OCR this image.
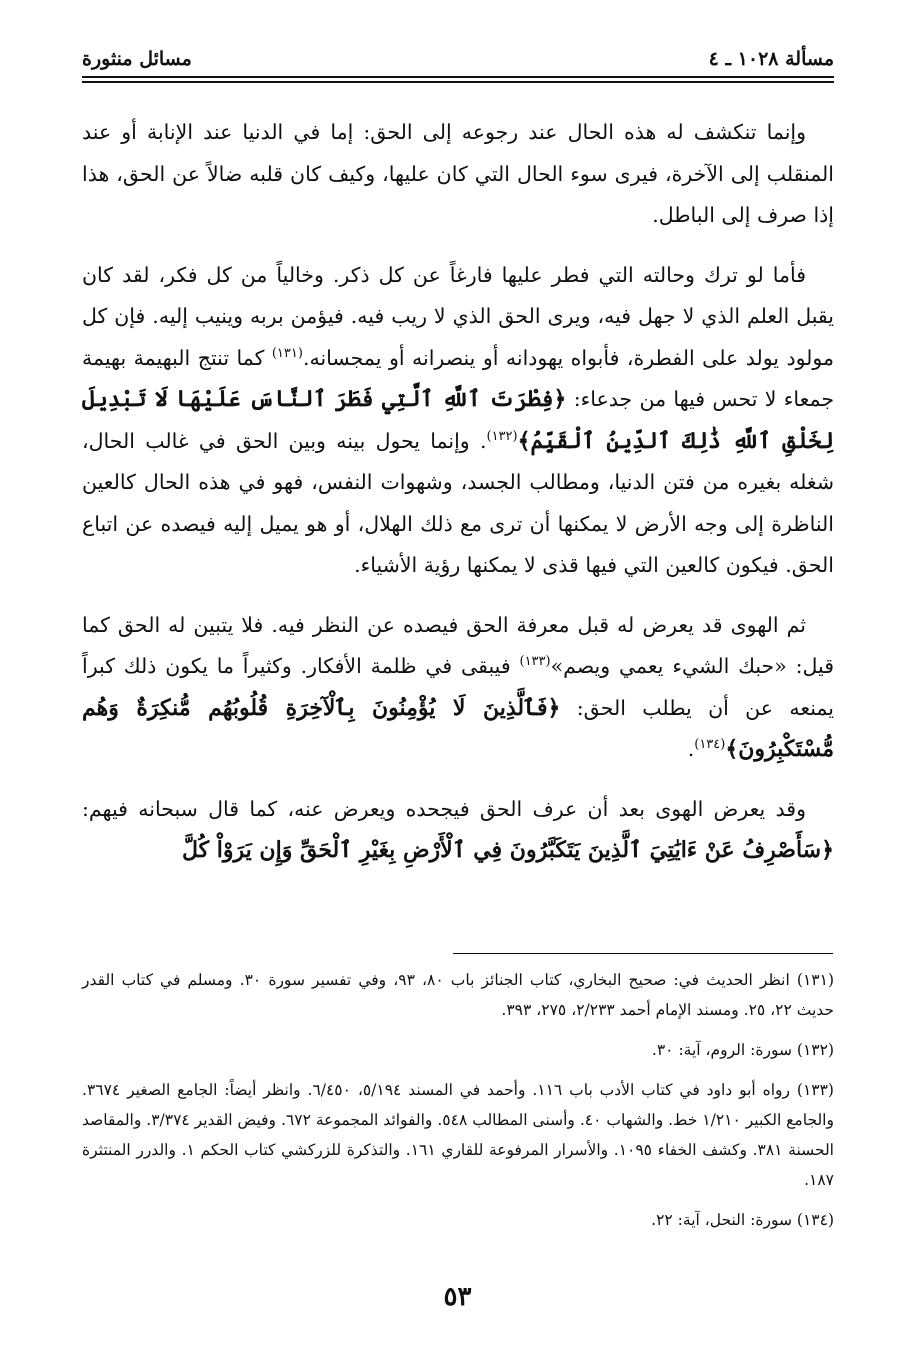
مسألة ١٠٢٨ ـ ٤
مسائل منثورة

وإنما تنكشف له هذه الحال عند رجوعه إلى الحق: إما في الدنيا عند الإنابة أو عند المنقلب إلى الآخرة، فيرى سوء الحال التي كان عليها، وكيف كان قلبه ضالاً عن الحق، هذا إذا صرف إلى الباطل.

فأما لو ترك وحالته التي فطر عليها فارغاً عن كل ذكر. وخالياً من كل فكر، لقد كان يقبل العلم الذي لا جهل فيه، ويرى الحق الذي لا ريب فيه. فيؤمن بربه وينيب إليه. فإن كل مولود يولد على الفطرة، فأبواه يهودانه أو ينصرانه أو يمجسانه.$^{(١٣١)}$ كما تنتج البهيمة بهيمة جمعاء لا تحس فيها من جدعاء: ﴿فِطْرَتَ ٱللَّهِ ٱلَّتِي فَطَرَ ٱلنَّاسَ عَلَيْهَا لَا تَبْدِيلَ لِخَلْقِ ٱللَّهِ ذَٰلِكَ ٱلدِّينُ ٱلْقَيِّمُ﴾$^{(١٣٢)}$. وإنما يحول بينه وبين الحق في غالب الحال، شغله بغيره من فتن الدنيا، ومطالب الجسد، وشهوات النفس، فهو في هذه الحال كالعين الناظرة إلى وجه الأرض لا يمكنها أن ترى مع ذلك الهلال، أو هو يميل إليه فيصده عن اتباع الحق. فيكون كالعين التي فيها قذى لا يمكنها رؤية الأشياء.

ثم الهوى قد يعرض له قبل معرفة الحق فيصده عن النظر فيه. فلا يتبين له الحق كما قيل: «حبك الشيء يعمي ويصم»$^{(١٣٣)}$ فيبقى في ظلمة الأفكار. وكثيراً ما يكون ذلك كبراً يمنعه عن أن يطلب الحق: ﴿فَٱلَّذِينَ لَا يُؤْمِنُونَ بِٱلْآخِرَةِ قُلُوبُهُم مُّنكِرَةٌ وَهُم مُّسْتَكْبِرُونَ﴾$^{(١٣٤)}$.

وقد يعرض الهوى بعد أن عرف الحق فيجحده ويعرض عنه، كما قال سبحانه فيهم: ﴿سَأَصْرِفُ عَنْ ءَايَٰتِيَ ٱلَّذِينَ يَتَكَبَّرُونَ فِي ٱلْأَرْضِ بِغَيْرِ ٱلْحَقِّ وَإِن يَرَوْاْ كُلَّ

(١٣١) انظر الحديث في: صحيح البخاري، كتاب الجنائز باب ٨٠، ٩٣، وفي تفسير سورة ٣٠. ومسلم في كتاب القدر حديث ٢٢، ٢٥. ومسند الإمام أحمد ٢/٢٣٣، ٢٧٥، ٣٩٣.
(١٣٢) سورة: الروم، آية: ٣٠.
(١٣٣) رواه أبو داود في كتاب الأدب باب ١١٦. وأحمد في المسند ٥/١٩٤، ٦/٤٥٠. وانظر أيضاً: الجامع الصغير ٣٦٧٤. والجامع الكبير ١/٢١٠ خط. والشهاب ٤٠. وأسنى المطالب ٥٤٨. والفوائد المجموعة ٦٧٢. وفيض القدير ٣/٣٧٤. والمقاصد الحسنة ٣٨١. وكشف الخفاء ١٠٩٥. والأسرار المرفوعة للقاري ١٦١. والتذكرة للزركشي كتاب الحكم ١. والدرر المنتثرة ١٨٧.
(١٣٤) سورة: النحل، آية: ٢٢.
٥٣
